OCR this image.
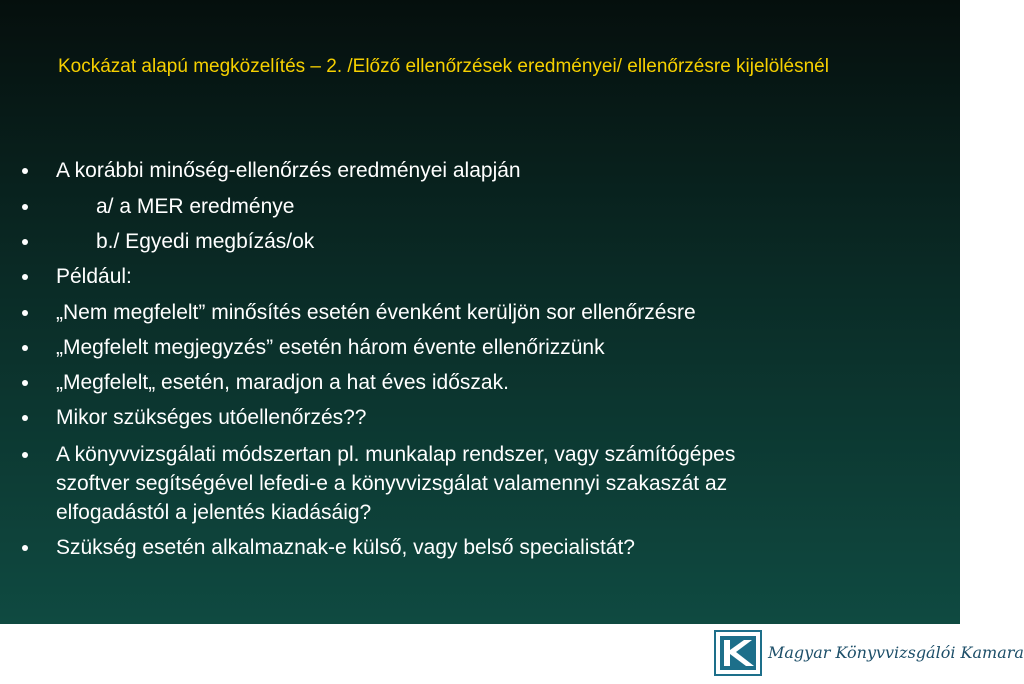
Kockázat alapú megközelítés – 2. /Előző ellenőrzések eredményei/ ellenőrzésre kijelölésnél
A korábbi minőség-ellenőrzés eredményei alapján
a/ a MER eredménye
b./ Egyedi megbízás/ok
Például:
„Nem megfelelt” minősítés esetén évenként kerüljön sor ellenőrzésre
„Megfelelt megjegyzés” esetén három évente ellenőrizzünk
„Megfelelt„ esetén, maradjon a hat éves időszak.
Mikor szükséges utóellenőrzés??
A könyvvizsgálati módszertan pl. munkalap rendszer, vagy számítógépes
szoftver segítségével lefedi-e a könyvvizsgálat valamennyi szakaszát az
elfogadástól a jelentés kiadásáig?
Szükség esetén alkalmaznak-e külső, vagy belső specialistát?
Magyar Könyvvizsgálói Kamara
